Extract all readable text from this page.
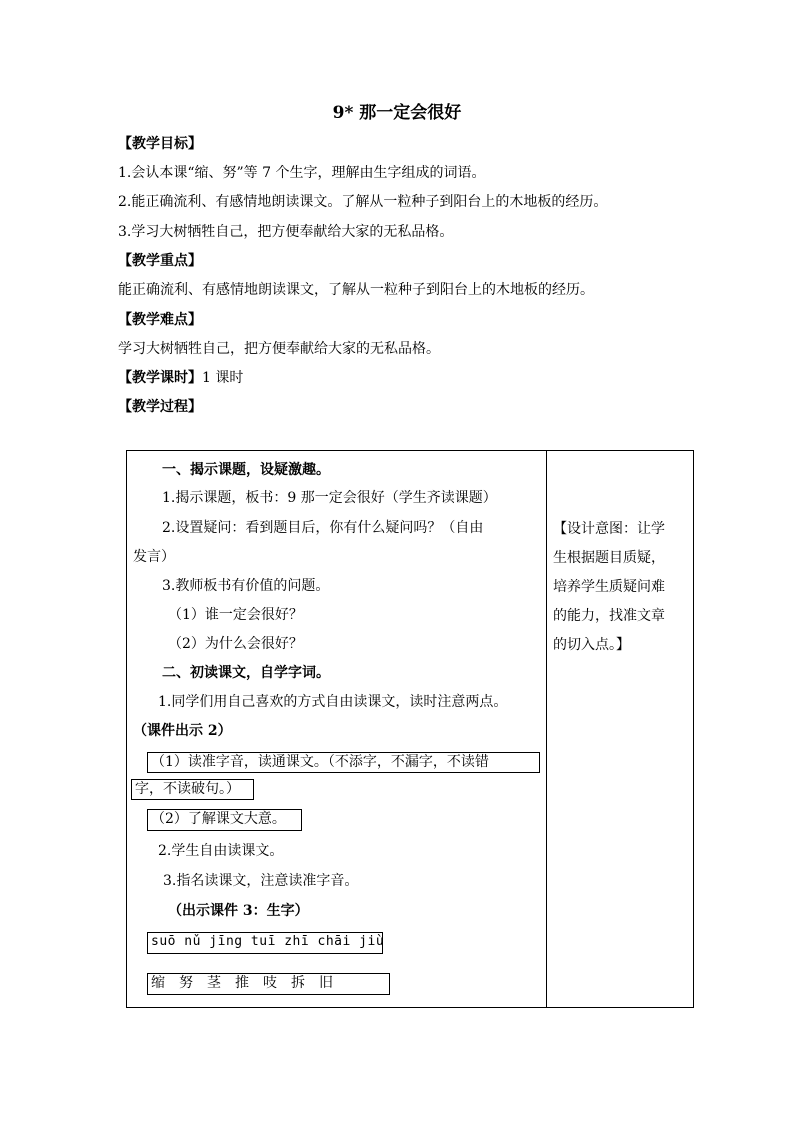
9* 那一定会很好
【教学目标】
1.会认本课“缩、努”等 7 个生字，理解由生字组成的词语。
2.能正确流利、有感情地朗读课文。了解从一粒种子到阳台上的木地板的经历。
3.学习大树牺牲自己，把方便奉献给大家的无私品格。
【教学重点】
能正确流利、有感情地朗读课文，了解从一粒种子到阳台上的木地板的经历。
【教学难点】
学习大树牺牲自己，把方便奉献给大家的无私品格。
【教学课时】1 课时
【教学过程】
一、揭示课题，设疑激趣。
1.揭示课题，板书：9 那一定会很好（学生齐读课题）
2.设置疑问：看到题目后，你有什么疑问吗？（自由
发言）
3.教师板书有价值的问题。
（1）谁一定会很好？
（2）为什么会很好？
二、初读课文，自学字词。
1.同学们用自己喜欢的方式自由读课文，读时注意两点。
（课件出示 2）
（1）读准字音，读通课文。（不添字，不漏字，不读错
字，不读破句。）
（2）了解课文大意。
2.学生自由读课文。
3.指名读课文，注意读准字音。
（出示课件 3：生字）
suō nǔ jīng tuī zhī chāi jiù
缩 努 茎 推 吱 拆 旧
【设计意图：让学
生根据题目质疑，
培养学生质疑问难
的能力，找准文章
的切入点。】
